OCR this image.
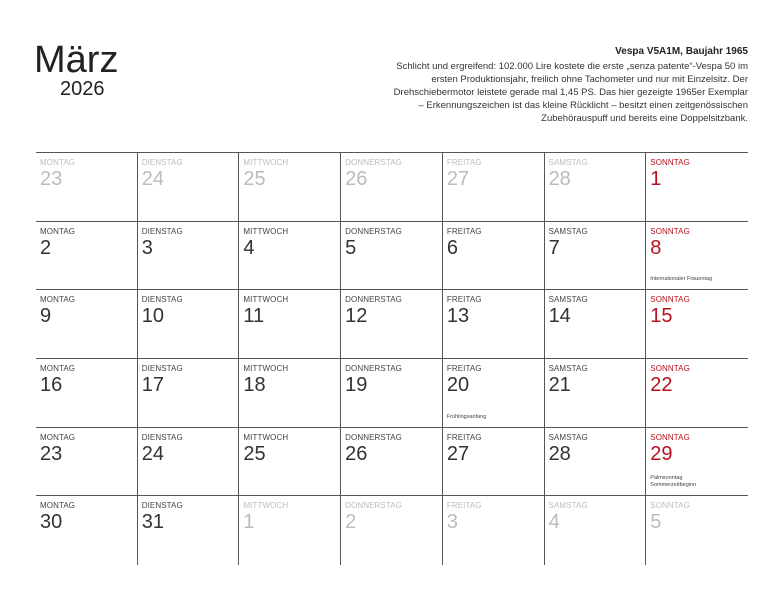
März
2026
Vespa V5A1M, Baujahr 1965
Schlicht und ergreifend: 102.000 Lire kostete die erste „senza patente“-Vespa 50 im ersten Produktionsjahr, freilich ohne Tachometer und nur mit Einzelsitz. Der Drehschiebermotor leistete gerade mal 1,45 PS. Das hier gezeigte 1965er Exemplar – Erkennungszeichen ist das kleine Rücklicht – besitzt einen zeitgenössischen Zubehörauspuff und bereits eine Doppelsitzbank.
MONTAG
23
DIENSTAG
24
MITTWOCH
25
DONNERSTAG
26
FREITAG
27
SAMSTAG
28
SONNTAG
1
MONTAG
2
DIENSTAG
3
MITTWOCH
4
DONNERSTAG
5
FREITAG
6
SAMSTAG
7
SONNTAG
8
Internationaler Frauentag
MONTAG
9
DIENSTAG
10
MITTWOCH
11
DONNERSTAG
12
FREITAG
13
SAMSTAG
14
SONNTAG
15
MONTAG
16
DIENSTAG
17
MITTWOCH
18
DONNERSTAG
19
FREITAG
20
Frühlingsanfang
SAMSTAG
21
SONNTAG
22
MONTAG
23
DIENSTAG
24
MITTWOCH
25
DONNERSTAG
26
FREITAG
27
SAMSTAG
28
SONNTAG
29
Palmsonntag
Sommerzeitbeginn
MONTAG
30
DIENSTAG
31
MITTWOCH
1
DONNERSTAG
2
FREITAG
3
SAMSTAG
4
SONNTAG
5
